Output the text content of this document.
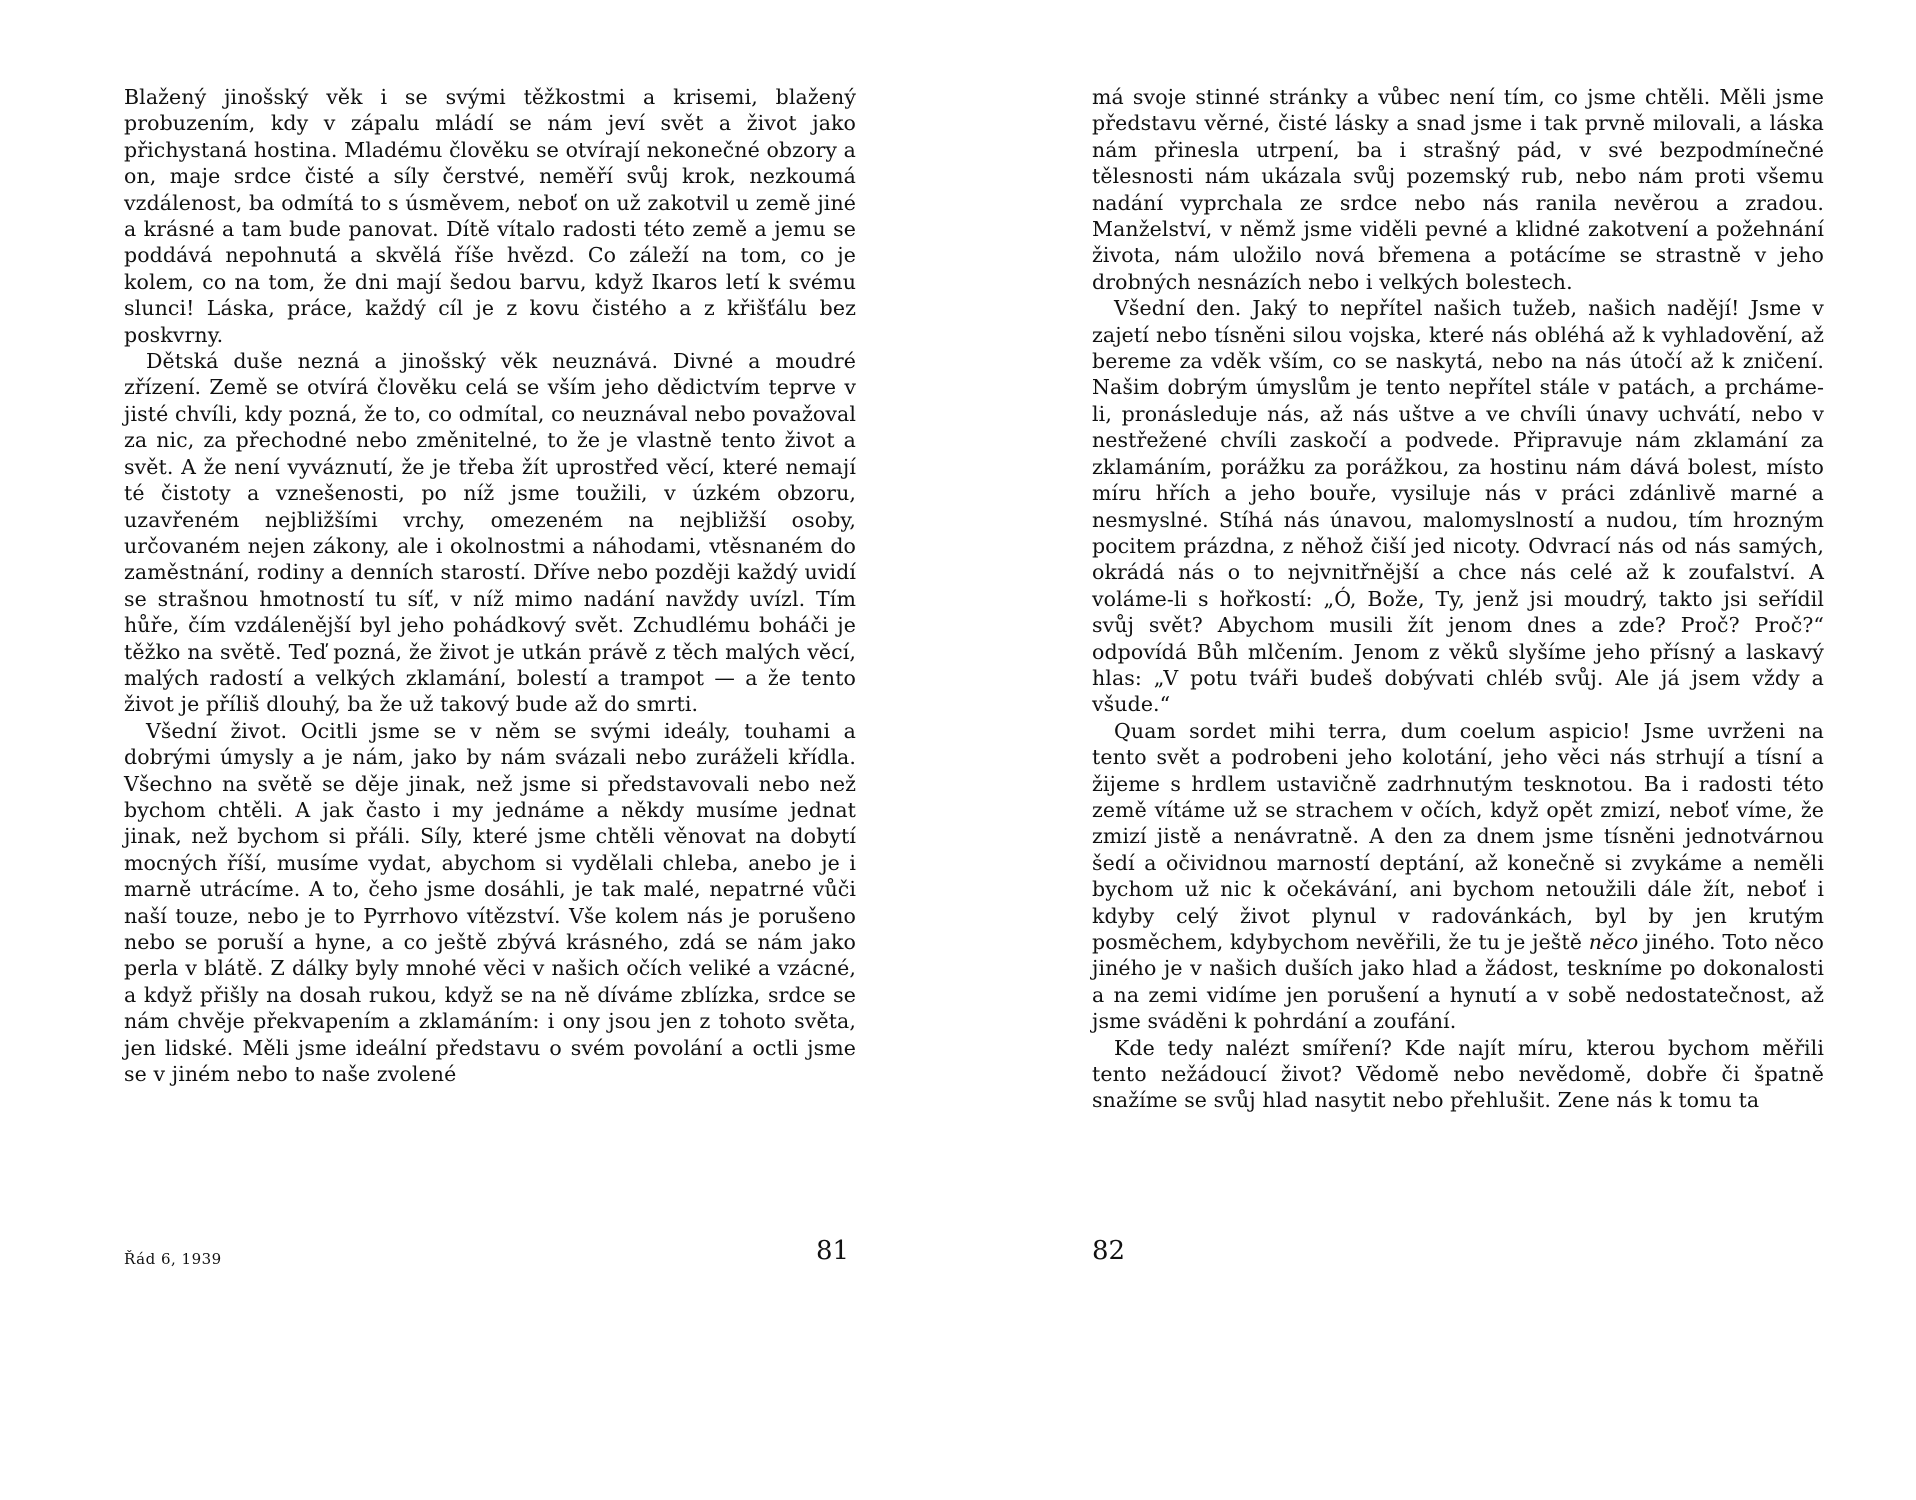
Blažený jinošský věk i se svými těžkostmi a krisemi, blažený probuzením, kdy v zápalu mládí se nám jeví svět a život jako přichystaná hostina. Mladému člověku se otvírají nekonečné obzory a on, maje srdce čisté a síly čerstvé, neměří svůj krok, nezkoumá vzdálenost, ba odmítá to s úsměvem, neboť on už zakotvil u země jiné a krásné a tam bude panovat. Dítě vítalo radosti této země a jemu se poddává nepohnutá a skvělá říše hvězd. Co záleží na tom, co je kolem, co na tom, že dni mají šedou barvu, když Ikaros letí k svému slunci! Láska, práce, každý cíl je z kovu čistého a z křišťálu bez poskvrny.

Dětská duše nezná a jinošský věk neuznává. Divné a moudré zřízení. Země se otvírá člověku celá se vším jeho dědictvím teprve v jisté chvíli, kdy pozná, že to, co odmítal, co neuznával nebo považoval za nic, za přechodné nebo změnitelné, to že je vlastně tento život a svět. A že není vyváznutí, že je třeba žít uprostřed věcí, které nemají té čistoty a vznešenosti, po níž jsme toužili, v úzkém obzoru, uzavřeném nejbližšími vrchy, omezeném na nejbližší osoby, určovaném nejen zákony, ale i okolnostmi a náhodami, vtěsnaném do zaměstnání, rodiny a denních starostí. Dříve nebo později každý uvidí se strašnou hmotností tu síť, v níž mimo nadání navždy uvízl. Tím hůře, čím vzdálenější byl jeho pohádkový svět. Zchudlému boháči je těžko na světě. Teď pozná, že život je utkán právě z těch malých věcí, malých radostí a velkých zklamání, bolestí a trampot — a že tento život je příliš dlouhý, ba že už takový bude až do smrti.

Všední život. Ocitli jsme se v něm se svými ideály, touhami a dobrými úmysly a je nám, jako by nám svázali nebo zuráželi křídla. Všechno na světě se děje jinak, než jsme si představovali nebo než bychom chtěli. A jak často i my jednáme a někdy musíme jednat jinak, než bychom si přáli. Síly, které jsme chtěli věnovat na dobytí mocných říší, musíme vydat, abychom si vydělali chleba, anebo je i marně utrácíme. A to, čeho jsme dosáhli, je tak malé, nepatrné vůči naší touze, nebo je to Pyrrhovo vítězství. Vše kolem nás je porušeno nebo se poruší a hyne, a co ještě zbývá krásného, zdá se nám jako perla v blátě. Z dálky byly mnohé věci v našich očích veliké a vzácné, a když přišly na dosah rukou, když se na ně díváme zblízka, srdce se nám chvěje překvapením a zklamáním: i ony jsou jen z tohoto světa, jen lidské. Měli jsme ideální představu o svém povolání a octli jsme se v jiném nebo to naše zvolené

Řád 6, 1939	81

má svoje stinné stránky a vůbec není tím, co jsme chtěli. Měli jsme představu věrné, čisté lásky a snad jsme i tak prvně milovali, a láska nám přinesla utrpení, ba i strašný pád, v své bezpodmínečné tělesnosti nám ukázala svůj pozemský rub, nebo nám proti všemu nadání vyprchala ze srdce nebo nás ranila nevěrou a zradou. Manželství, v němž jsme viděli pevné a klidné zakotvení a požehnání života, nám uložilo nová břemena a potácíme se strastně v jeho drobných nesnázích nebo i velkých bolestech.

Všední den. Jaký to nepřítel našich tužeb, našich nadějí! Jsme v zajetí nebo tísněni silou vojska, které nás obléhá až k vyhladovění, až bereme za vděk vším, co se naskytá, nebo na nás útočí až k zničení. Našim dobrým úmyslům je tento nepřítel stále v patách, a prcháme-li, pronásleduje nás, až nás uštve a ve chvíli únavy uchvátí, nebo v nestřežené chvíli zaskočí a podvede. Připravuje nám zklamání za zklamáním, porážku za porážkou, za hostinu nám dává bolest, místo míru hřích a jeho bouře, vysiluje nás v práci zdánlivě marné a nesmyslné. Stíhá nás únavou, malomyslností a nudou, tím hrozným pocitem prázdna, z něhož čiší jed nicoty. Odvrací nás od nás samých, okrádá nás o to nejvnitřnější a chce nás celé až k zoufalství. A voláme-li s hořkostí: „Ó, Bože, Ty, jenž jsi moudrý, takto jsi seřídil svůj svět? Abychom musili žít jenom dnes a zde? Proč? Proč?“ odpovídá Bůh mlčením. Jenom z věků slyšíme jeho přísný a laskavý hlas: „V potu tváři budeš dobývati chléb svůj. Ale já jsem vždy a všude.“

Quam sordet mihi terra, dum coelum aspicio! Jsme uvrženi na tento svět a podrobeni jeho kolotání, jeho věci nás strhují a tísní a žijeme s hrdlem ustavičně zadrhnutým tesknotou. Ba i radosti této země vítáme už se strachem v očích, když opět zmizí, neboť víme, že zmizí jistě a nenávratně. A den za dnem jsme tísněni jednotvárnou šedí a očividnou marností deptání, až konečně si zvykáme a neměli bychom už nic k očekávání, ani bychom netoužili dále žít, neboť i kdyby celý život plynul v radovánkách, byl by jen krutým posměchem, kdybychom nevěřili, že tu je ještě něco jiného. Toto něco jiného je v našich duších jako hlad a žádost, teskníme po dokonalosti a na zemi vidíme jen porušení a hynutí a v sobě nedostatečnost, až jsme sváděni k pohrdání a zoufání.

Kde tedy nalézt smíření? Kde najít míru, kterou bychom měřili tento nežádoucí život? Vědomě nebo nevědomě, dobře či špatně snažíme se svůj hlad nasytit nebo přehlušit. Zene nás k tomu ta

82
